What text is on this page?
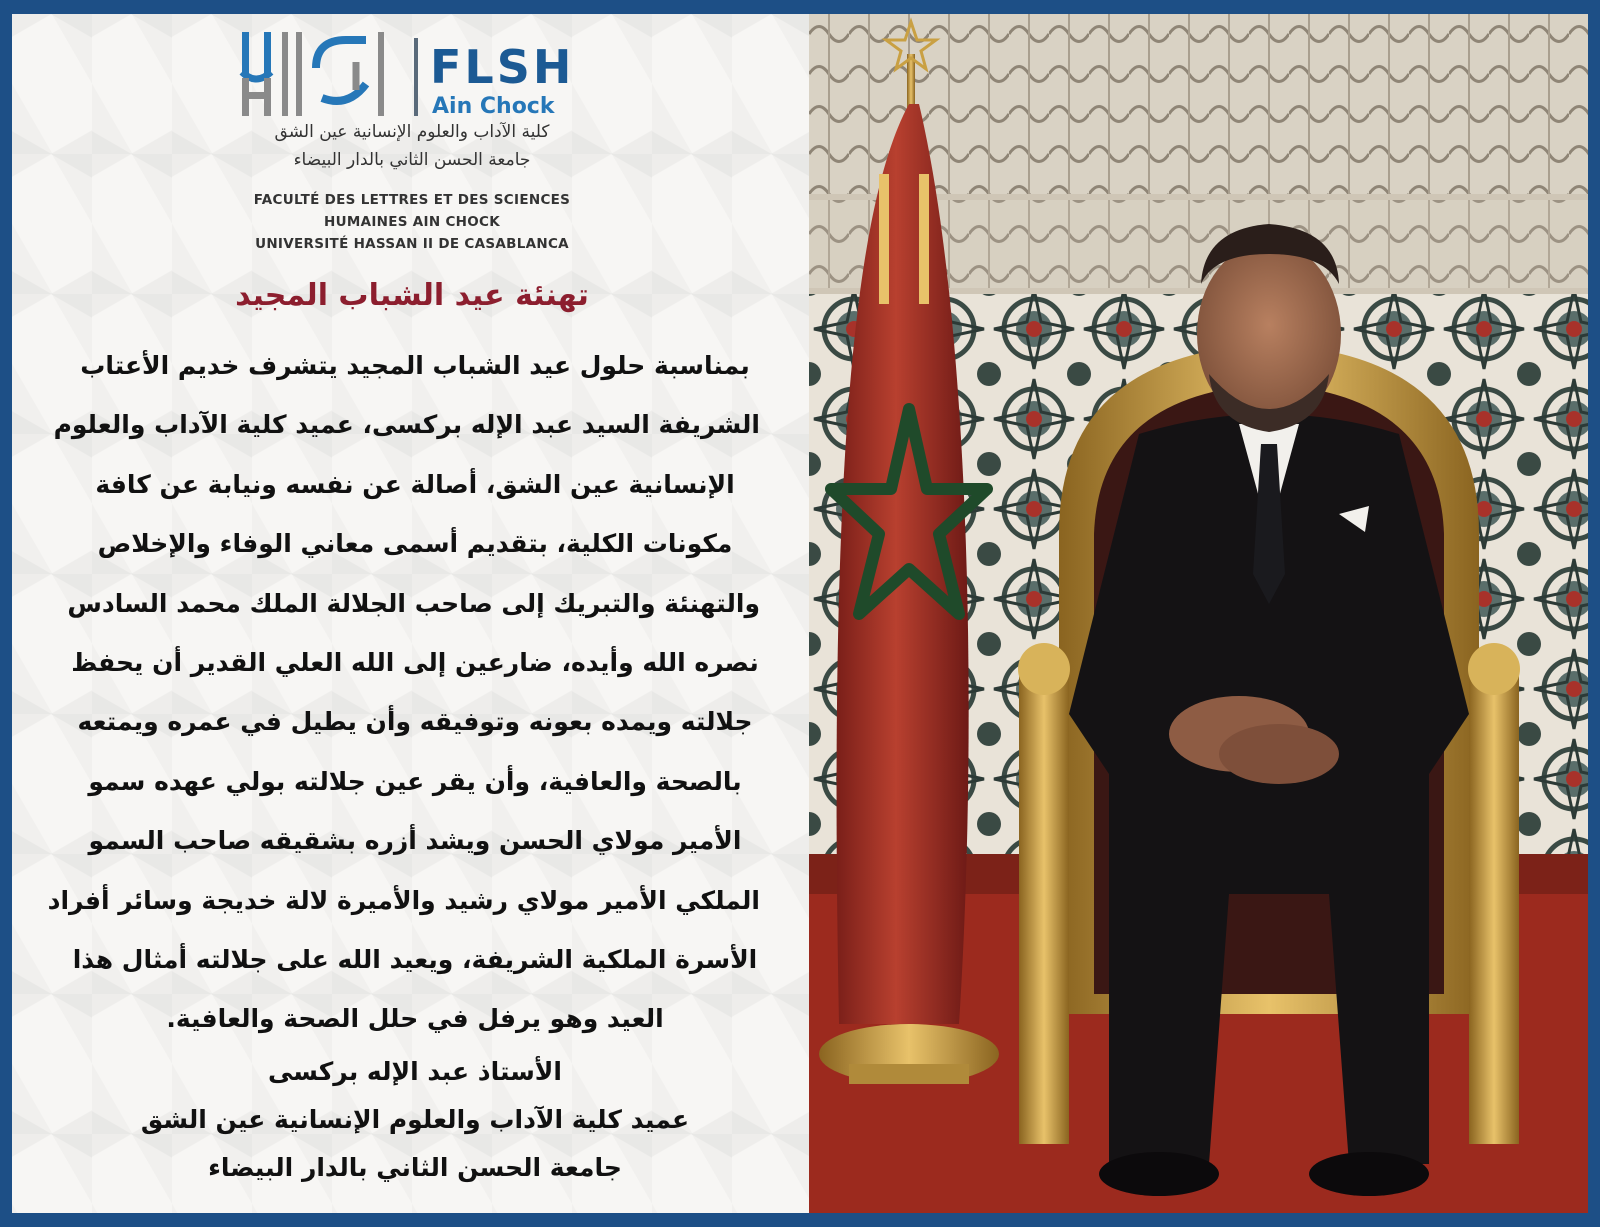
FLSH
Ain Chock
كلية الآداب والعلوم الإنسانية عين الشق
جامعة الحسن الثاني بالدار البيضاء
FACULTÉ DES LETTRES ET DES SCIENCES
HUMAINES AIN CHOCK
UNIVERSITÉ HASSAN II DE CASABLANCA
تهنئة عيد الشباب المجيد
بمناسبة حلول عيد الشباب المجيد يتشرف خديم الأعتاب
الشريفة السيد عبد الإله بركسى، عميد كلية الآداب والعلوم
الإنسانية عين الشق، أصالة عن نفسه ونيابة عن كافة
مكونات الكلية، بتقديم أسمى معاني الوفاء والإخلاص
والتهنئة والتبريك إلى صاحب الجلالة الملك محمد السادس
نصره الله وأيده، ضارعين إلى الله العلي القدير أن يحفظ
جلالته ويمده بعونه وتوفيقه وأن يطيل في عمره ويمتعه
بالصحة والعافية، وأن يقر عين جلالته بولي عهده سمو
الأمير مولاي الحسن ويشد أزره بشقيقه صاحب السمو
الملكي الأمير مولاي رشيد والأميرة لالة خديجة وسائر أفراد
الأسرة الملكية الشريفة، ويعيد الله على جلالته أمثال هذا
العيد وهو يرفل في حلل الصحة والعافية.
الأستاذ عبد الإله بركسى
عميد كلية الآداب والعلوم الإنسانية عين الشق
جامعة الحسن الثاني بالدار البيضاء
